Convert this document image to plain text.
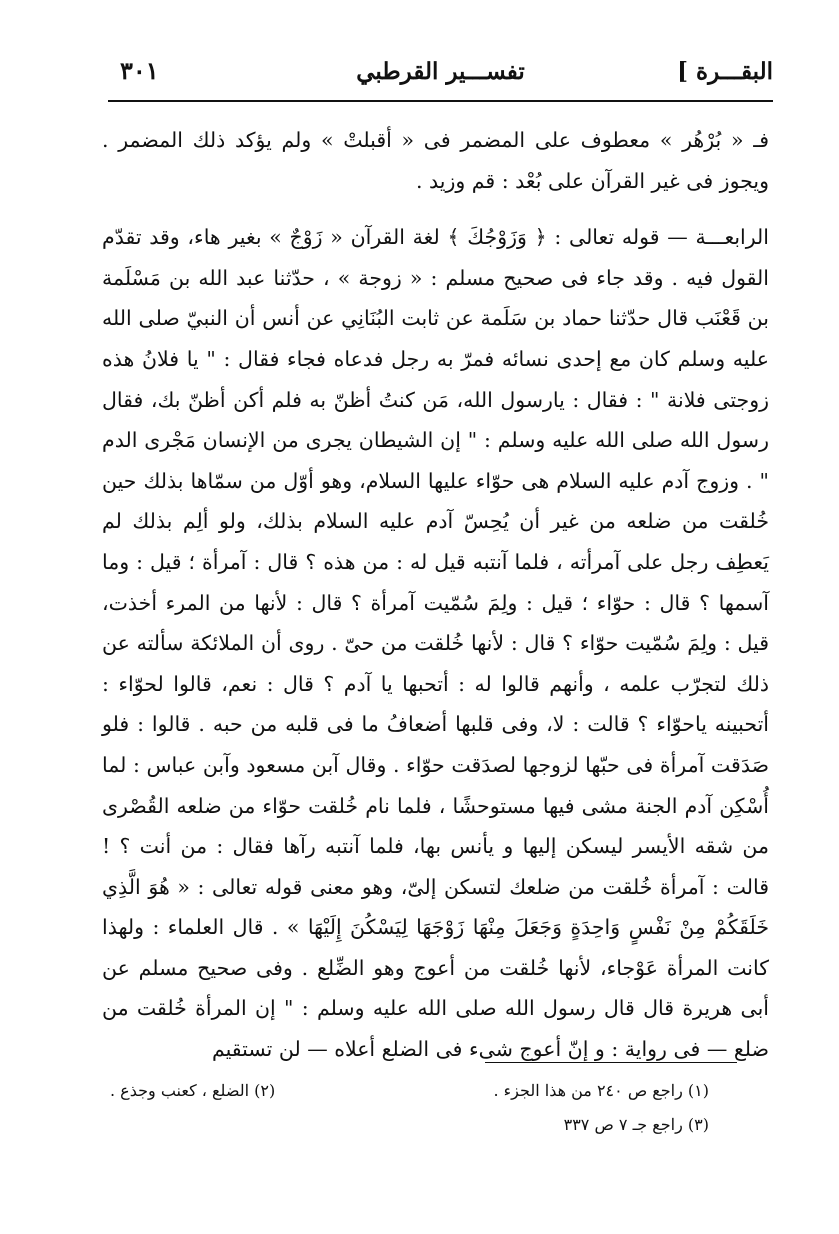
البقـــرة ]
تفســـير القرطبي
٣٠١

فـ « بُرْهُر » معطوف على المضمر فى « أقبلتْ » ولم يؤكد ذلك المضمر . ويجوز فى غير القرآن على بُعْد : قم وزيد .

الرابعـــة — قوله تعالى : ﴿ وَزَوْجُكَ ﴾ لغة القرآن « زَوْجٌ » بغير هاء، وقد تقدّم القول فيه . وقد جاء فى صحيح مسلم : « زوجة » ، حدّثنا عبد الله بن مَسْلَمة بن قَعْنَب قال حدّثنا حماد بن سَلَمة عن ثابت البُنَانِي عن أنس أن النبيّ صلى الله عليه وسلم كان مع إحدى نسائه فمرّ به رجل فدعاه فجاء فقال : " يا فلانُ هذه زوجتى فلانة " : فقال : يارسول الله، مَن كنتُ أظنّ به فلم أكن أظنّ بك، فقال رسول الله صلى الله عليه وسلم : " إن الشيطان يجرى من الإنسان مَجْرى الدم " . وزوج آدم عليه السلام هى حوّاء عليها السلام، وهو أوّل من سمّاها بذلك حين خُلقت من ضلعه من غير أن يُحِسّ آدم عليه السلام بذلك، ولو ألِم بذلك لم يَعطِف رجل على آمرأته ، فلما آنتبه قيل له : من هذه ؟ قال : آمرأة ؛ قيل : وما آسمها ؟ قال : حوّاء ؛ قيل : ولِمَ سُمّيت آمرأة ؟ قال : لأنها من المرء أخذت، قيل : ولِمَ سُمّيت حوّاء ؟ قال : لأنها خُلقت من حىّ . روى أن الملائكة سألته عن ذلك لتجرّب علمه ، وأنهم قالوا له : أتحبها يا آدم ؟ قال : نعم، قالوا لحوّاء : أتحبينه ياحوّاء ؟ قالت : لا، وفى قلبها أضعافُ ما فى قلبه من حبه . قالوا : فلو صَدَقت آمرأة فى حبّها لزوجها لصدَقت حوّاء . وقال آبن مسعود وآبن عباس : لما أُسْكِن آدم الجنة مشى فيها مستوحشًا ، فلما نام خُلقت حوّاء من ضلعه القُصْرى من شقه الأيسر ليسكن إليها و يأنس بها، فلما آنتبه رآها فقال : من أنت ؟ ! قالت : آمرأة خُلقت من ضلعك لتسكن إلىّ، وهو معنى قوله تعالى : « هُوَ الَّذِي خَلَقَكُمْ مِنْ نَفْسٍ وَاحِدَةٍ وَجَعَلَ مِنْهَا زَوْجَهَا لِيَسْكُنَ إِلَيْهَا » . قال العلماء : ولهذا كانت المرأة عَوْجاء، لأنها خُلقت من أعوج وهو الضِّلع . وفى صحيح مسلم عن أبى هريرة قال قال رسول الله صلى الله عليه وسلم : " إن المرأة خُلقت من ضلع — فى رواية : و إنّ أعوج شىء فى الضلع أعلاه — لن تستقيم

(١) راجع ص ٢٤٠ من هذا الجزء .
(٢) الضلع ، كعنب وجذع .
(٣) راجع جـ ٧ ص ٣٣٧
